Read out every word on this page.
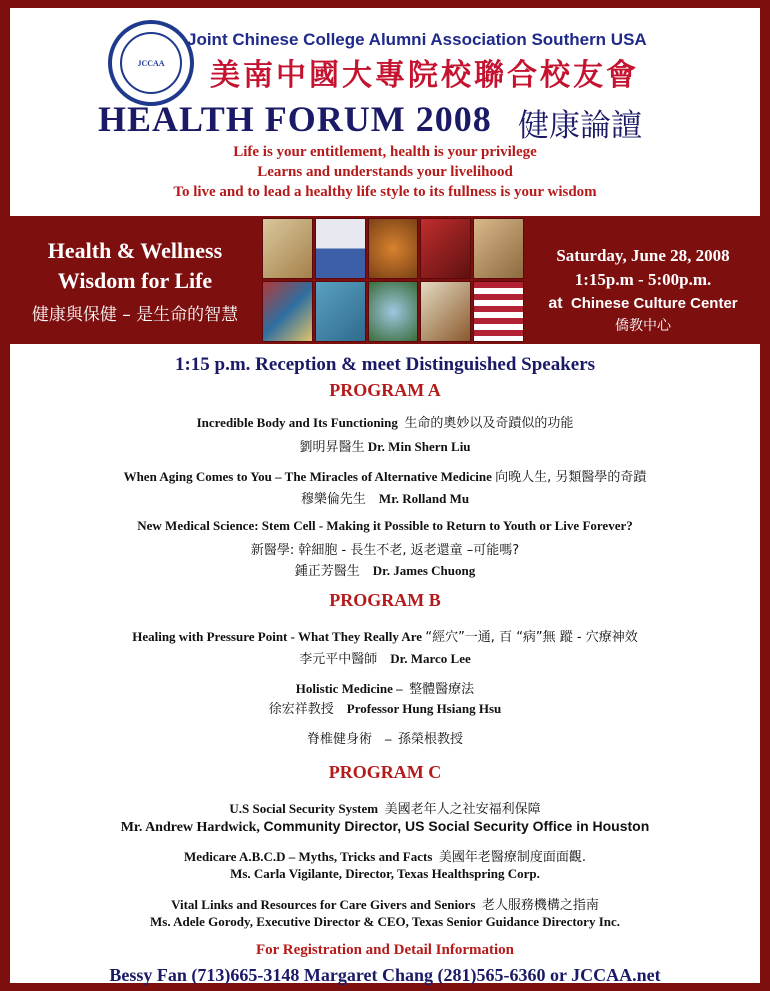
JCCAA
Joint Chinese College Alumni Association Southern USA
美南中國大專院校聯合校友會
HEALTH FORUM 2008 健康論譠
Life is your entitlement, health is your privilege
Learns and understands your livelihood
To live and to lead a healthy life style to its fullness is your wisdom
Health & Wellness
Wisdom for Life
健康與保健 – 是生命的智慧
Saturday, June 28, 2008
1:15p.m - 5:00p.m.
at Chinese Culture Center
僑教中心
1:15 p.m. Reception & meet Distinguished Speakers
PROGRAM A
Incredible Body and Its Functioning 生命的奧妙以及奇蹟似的功能
劉明昇醫生 Dr. Min Shern Liu
When Aging Comes to You – The Miracles of Alternative Medicine 向晚人生, 另類醫學的奇蹟
穆樂倫先生 Mr. Rolland Mu
New Medical Science: Stem Cell - Making it Possible to Return to Youth or Live Forever?
新醫學: 幹細胞 - 長生不老, 返老還童 –可能嗎?
鍾正芳醫生 Dr. James Chuong
PROGRAM B
Healing with Pressure Point - What They Really Are “經穴”一通, 百 “病”無 蹤 - 穴療神效
李元平中醫師 Dr. Marco Lee
Holistic Medicine – 整體醫療法
徐宏祥教授 Professor Hung Hsiang Hsu
脊椎健身術 – 孫榮根教授
PROGRAM C
U.S Social Security System 美國老年人之社安福利保障
Mr. Andrew Hardwick, Community Director, US Social Security Office in Houston
Medicare A.B.C.D – Myths, Tricks and Facts 美國年老醫療制度面面觀.
Ms. Carla Vigilante, Director, Texas Healthspring Corp.
Vital Links and Resources for Care Givers and Seniors 老人服務機構之指南
Ms. Adele Gorody, Executive Director & CEO, Texas Senior Guidance Directory Inc.
For Registration and Detail Information
Bessy Fan (713)665-3148 Margaret Chang (281)565-6360 or JCCAA.net
